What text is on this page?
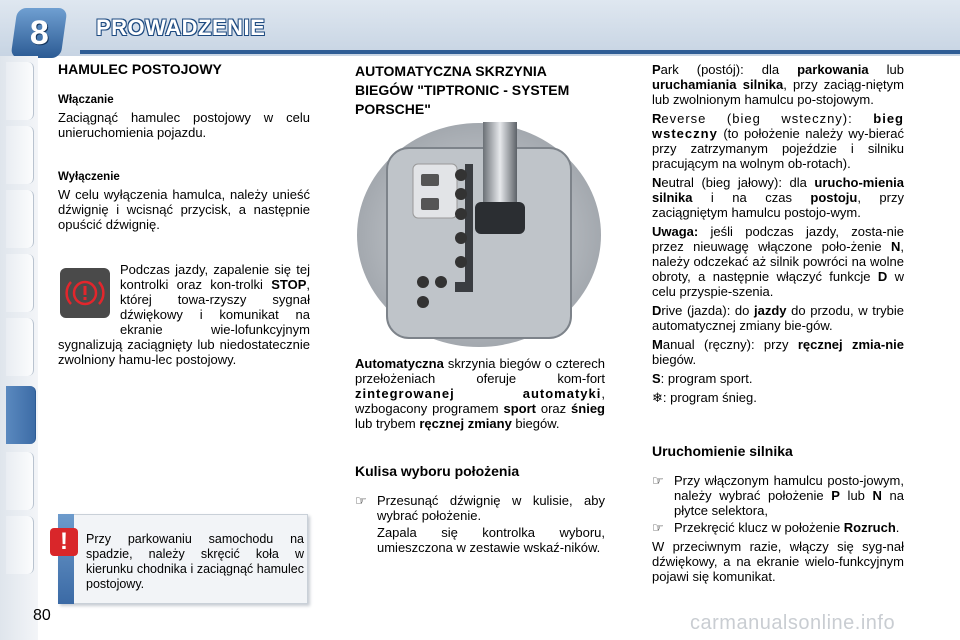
8 PROWADZENIE
80
HAMULEC POSTOJOWY
Włączanie
Zaciągnąć hamulec postojowy w celu unieruchomienia pojazdu.
Wyłączenie
W celu wyłączenia hamulca, należy unieść dźwignię i wcisnąć przycisk, a następnie opuścić dźwignię.
Podczas jazdy, zapalenie się tej kontrolki oraz kon-trolki STOP, której towa-rzyszy sygnał dźwiękowy i komunikat na ekranie wie-lofunkcyjnym sygnalizują zaciągnięty lub niedostatecznie zwolniony hamu-lec postojowy.
!	Przy parkowaniu samochodu na spadzie, należy skręcić koła w kierunku chodnika i zaciągnąć hamulec postojowy.
AUTOMATYCZNA SKRZYNIA BIEGÓW "TIPTRONIC - SYSTEM PORSCHE"
Automatyczna skrzynia biegów o czterech przełożeniach oferuje kom-fort zintegrowanej automatyki, wzbogacony programem sport oraz śnieg lub trybem ręcznej zmiany biegów.
Kulisa wyboru położenia
☞ Przesunąć dźwignię w kulisie, aby wybrać położenie.
Zapala się kontrolka wyboru, umieszczona w zestawie wskaź-ników.
Park (postój): dla parkowania lub uruchamiania silnika, przy zaciąg-niętym lub zwolnionym hamulcu po-stojowym.
Reverse (bieg wsteczny): bieg wsteczny (to położenie należy wy-bierać przy zatrzymanym pojeździe i silniku pracującym na wolnym ob-rotach).
Neutral (bieg jałowy): dla urucho-mienia silnika i na czas postoju, przy zaciągniętym hamulcu postojo-wym.
Uwaga: jeśli podczas jazdy, zosta-nie przez nieuwagę włączone poło-żenie N, należy odczekać aż silnik powróci na wolne obroty, a następnie włączyć funkcje D w celu przyspie-szenia.
Drive (jazda): do jazdy do przodu, w trybie automatycznej zmiany bie-gów.
Manual (ręczny): przy ręcznej zmia-nie biegów.
S: program sport.
❄: program śnieg.
Uruchomienie silnika
☞ Przy włączonym hamulcu posto-jowym, należy wybrać położenie P lub N na płytce selektora,
☞ Przekręcić klucz w położenie Rozruch.
W przeciwnym razie, włączy się syg-nał dźwiękowy, a na ekranie wielo-funkcyjnym pojawi się komunikat.
carmanualsonline.info
